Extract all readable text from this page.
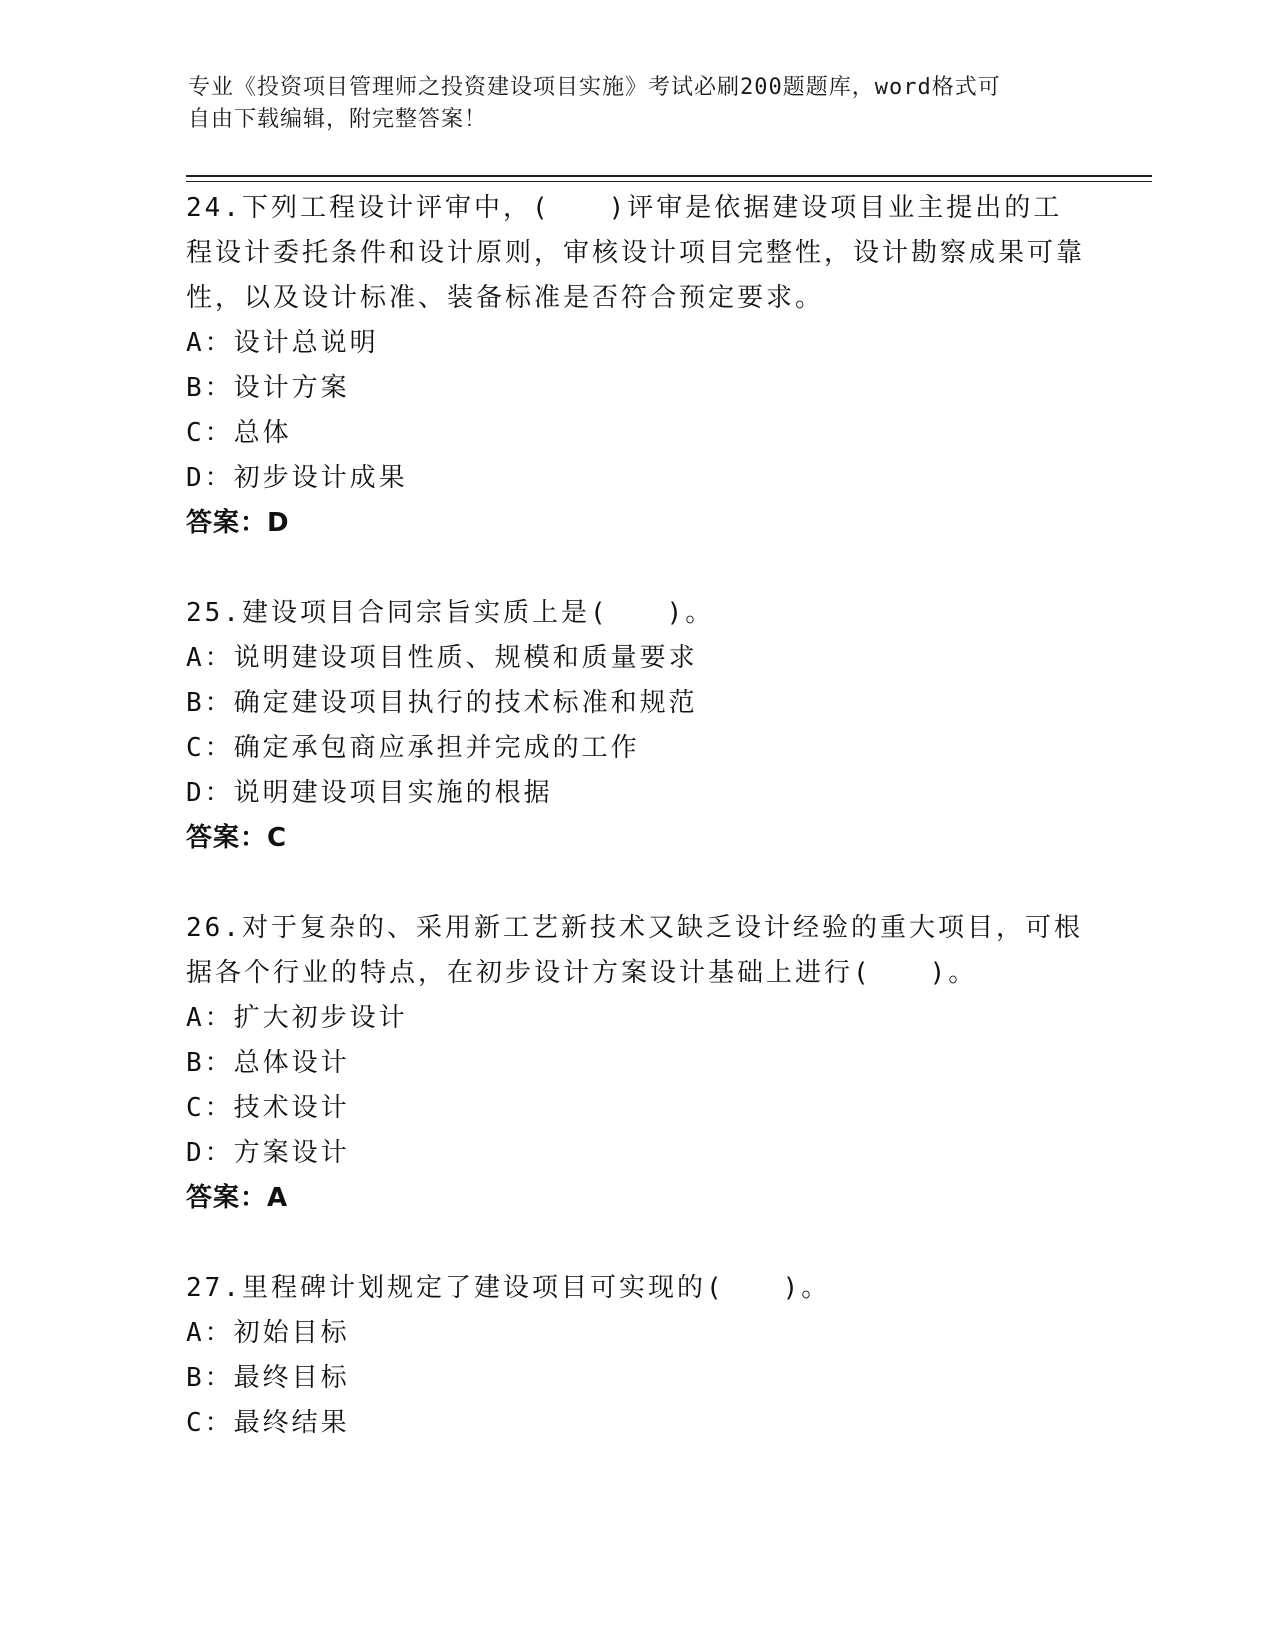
专业《投资项目管理师之投资建设项目实施》考试必刷200题题库，word格式可
自由下载编辑，附完整答案！

24.下列工程设计评审中，(　　)评审是依据建设项目业主提出的工程设计委托条件和设计原则，审核设计项目完整性，设计勘察成果可靠性，以及设计标准、装备标准是否符合预定要求。

A：设计总说明

B：设计方案

C：总体

D：初步设计成果

答案：D

25.建设项目合同宗旨实质上是(　　)。

A：说明建设项目性质、规模和质量要求

B：确定建设项目执行的技术标准和规范

C：确定承包商应承担并完成的工作

D：说明建设项目实施的根据

答案：C

26.对于复杂的、采用新工艺新技术又缺乏设计经验的重大项目，可根据各个行业的特点，在初步设计方案设计基础上进行(　　)。

A：扩大初步设计

B：总体设计

C：技术设计

D：方案设计

答案：A

27.里程碑计划规定了建设项目可实现的(　　)。

A：初始目标

B：最终目标

C：最终结果
